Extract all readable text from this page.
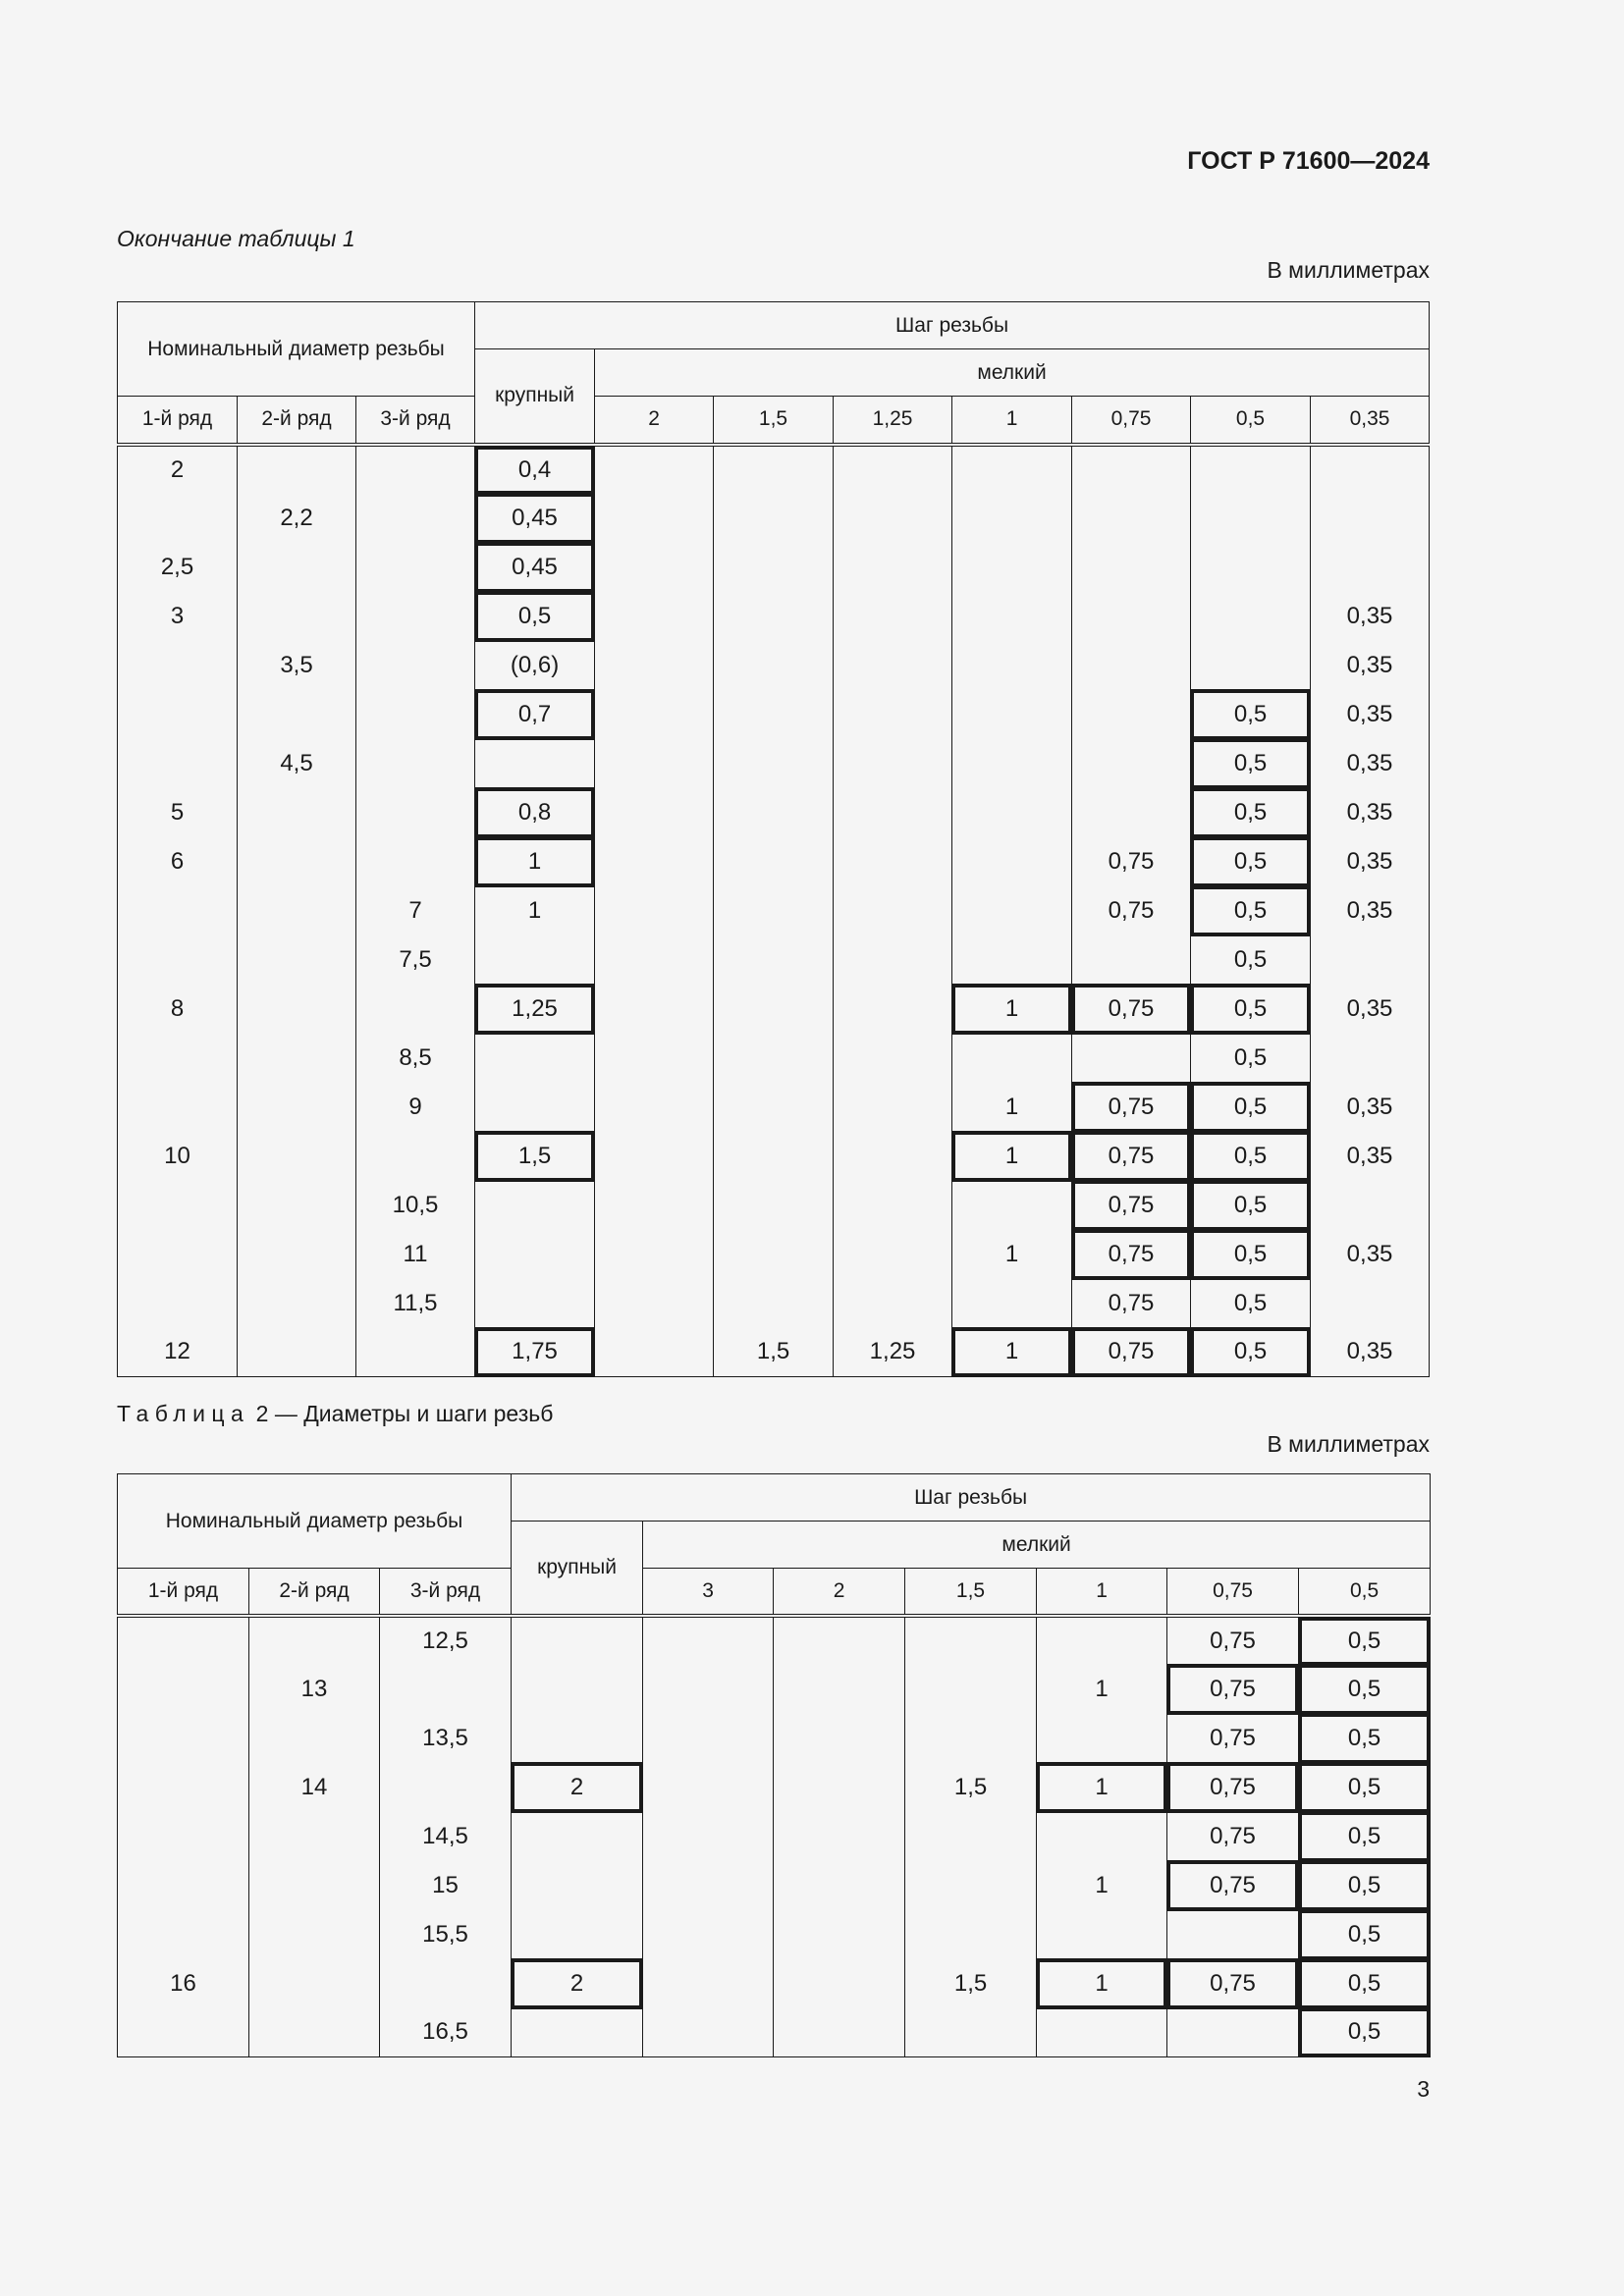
ГОСТ Р 71600—2024
Окончание таблицы 1
В миллиметрах
Номинальный диаметр резьбы			Шаг резьбы							
			крупный	мелкий						
1-й ряд	2-й ряд	3-й ряд		2	1,5	1,25	1	0,75	0,5	0,35
2			0,4							
	2,2		0,45							
2,5			0,45							
3			0,5							0,35
	3,5		(0,6)							0,35
			0,7						0,5	0,35
	4,5								0,5	0,35
5			0,8						0,5	0,35
6			1					0,75	0,5	0,35
		7	1					0,75	0,5	0,35
		7,5							0,5	
8			1,25				1	0,75	0,5	0,35
		8,5							0,5	
		9					1	0,75	0,5	0,35
10			1,5				1	0,75	0,5	0,35
		10,5						0,75	0,5	
		11					1	0,75	0,5	0,35
		11,5						0,75	0,5	
12			1,75		1,5	1,25	1	0,75	0,5	0,35
Таблица 2 — Диаметры и шаги резьб
В миллиметрах
Номинальный диаметр резьбы			Шаг резьбы						
			крупный	мелкий					
1-й ряд	2-й ряд	3-й ряд		3	2	1,5	1	0,75	0,5
		12,5						0,75	0,5
	13						1	0,75	0,5
		13,5						0,75	0,5
	14		2			1,5	1	0,75	0,5
		14,5						0,75	0,5
		15					1	0,75	0,5
		15,5							0,5
16			2			1,5	1	0,75	0,5
		16,5							0,5
3
